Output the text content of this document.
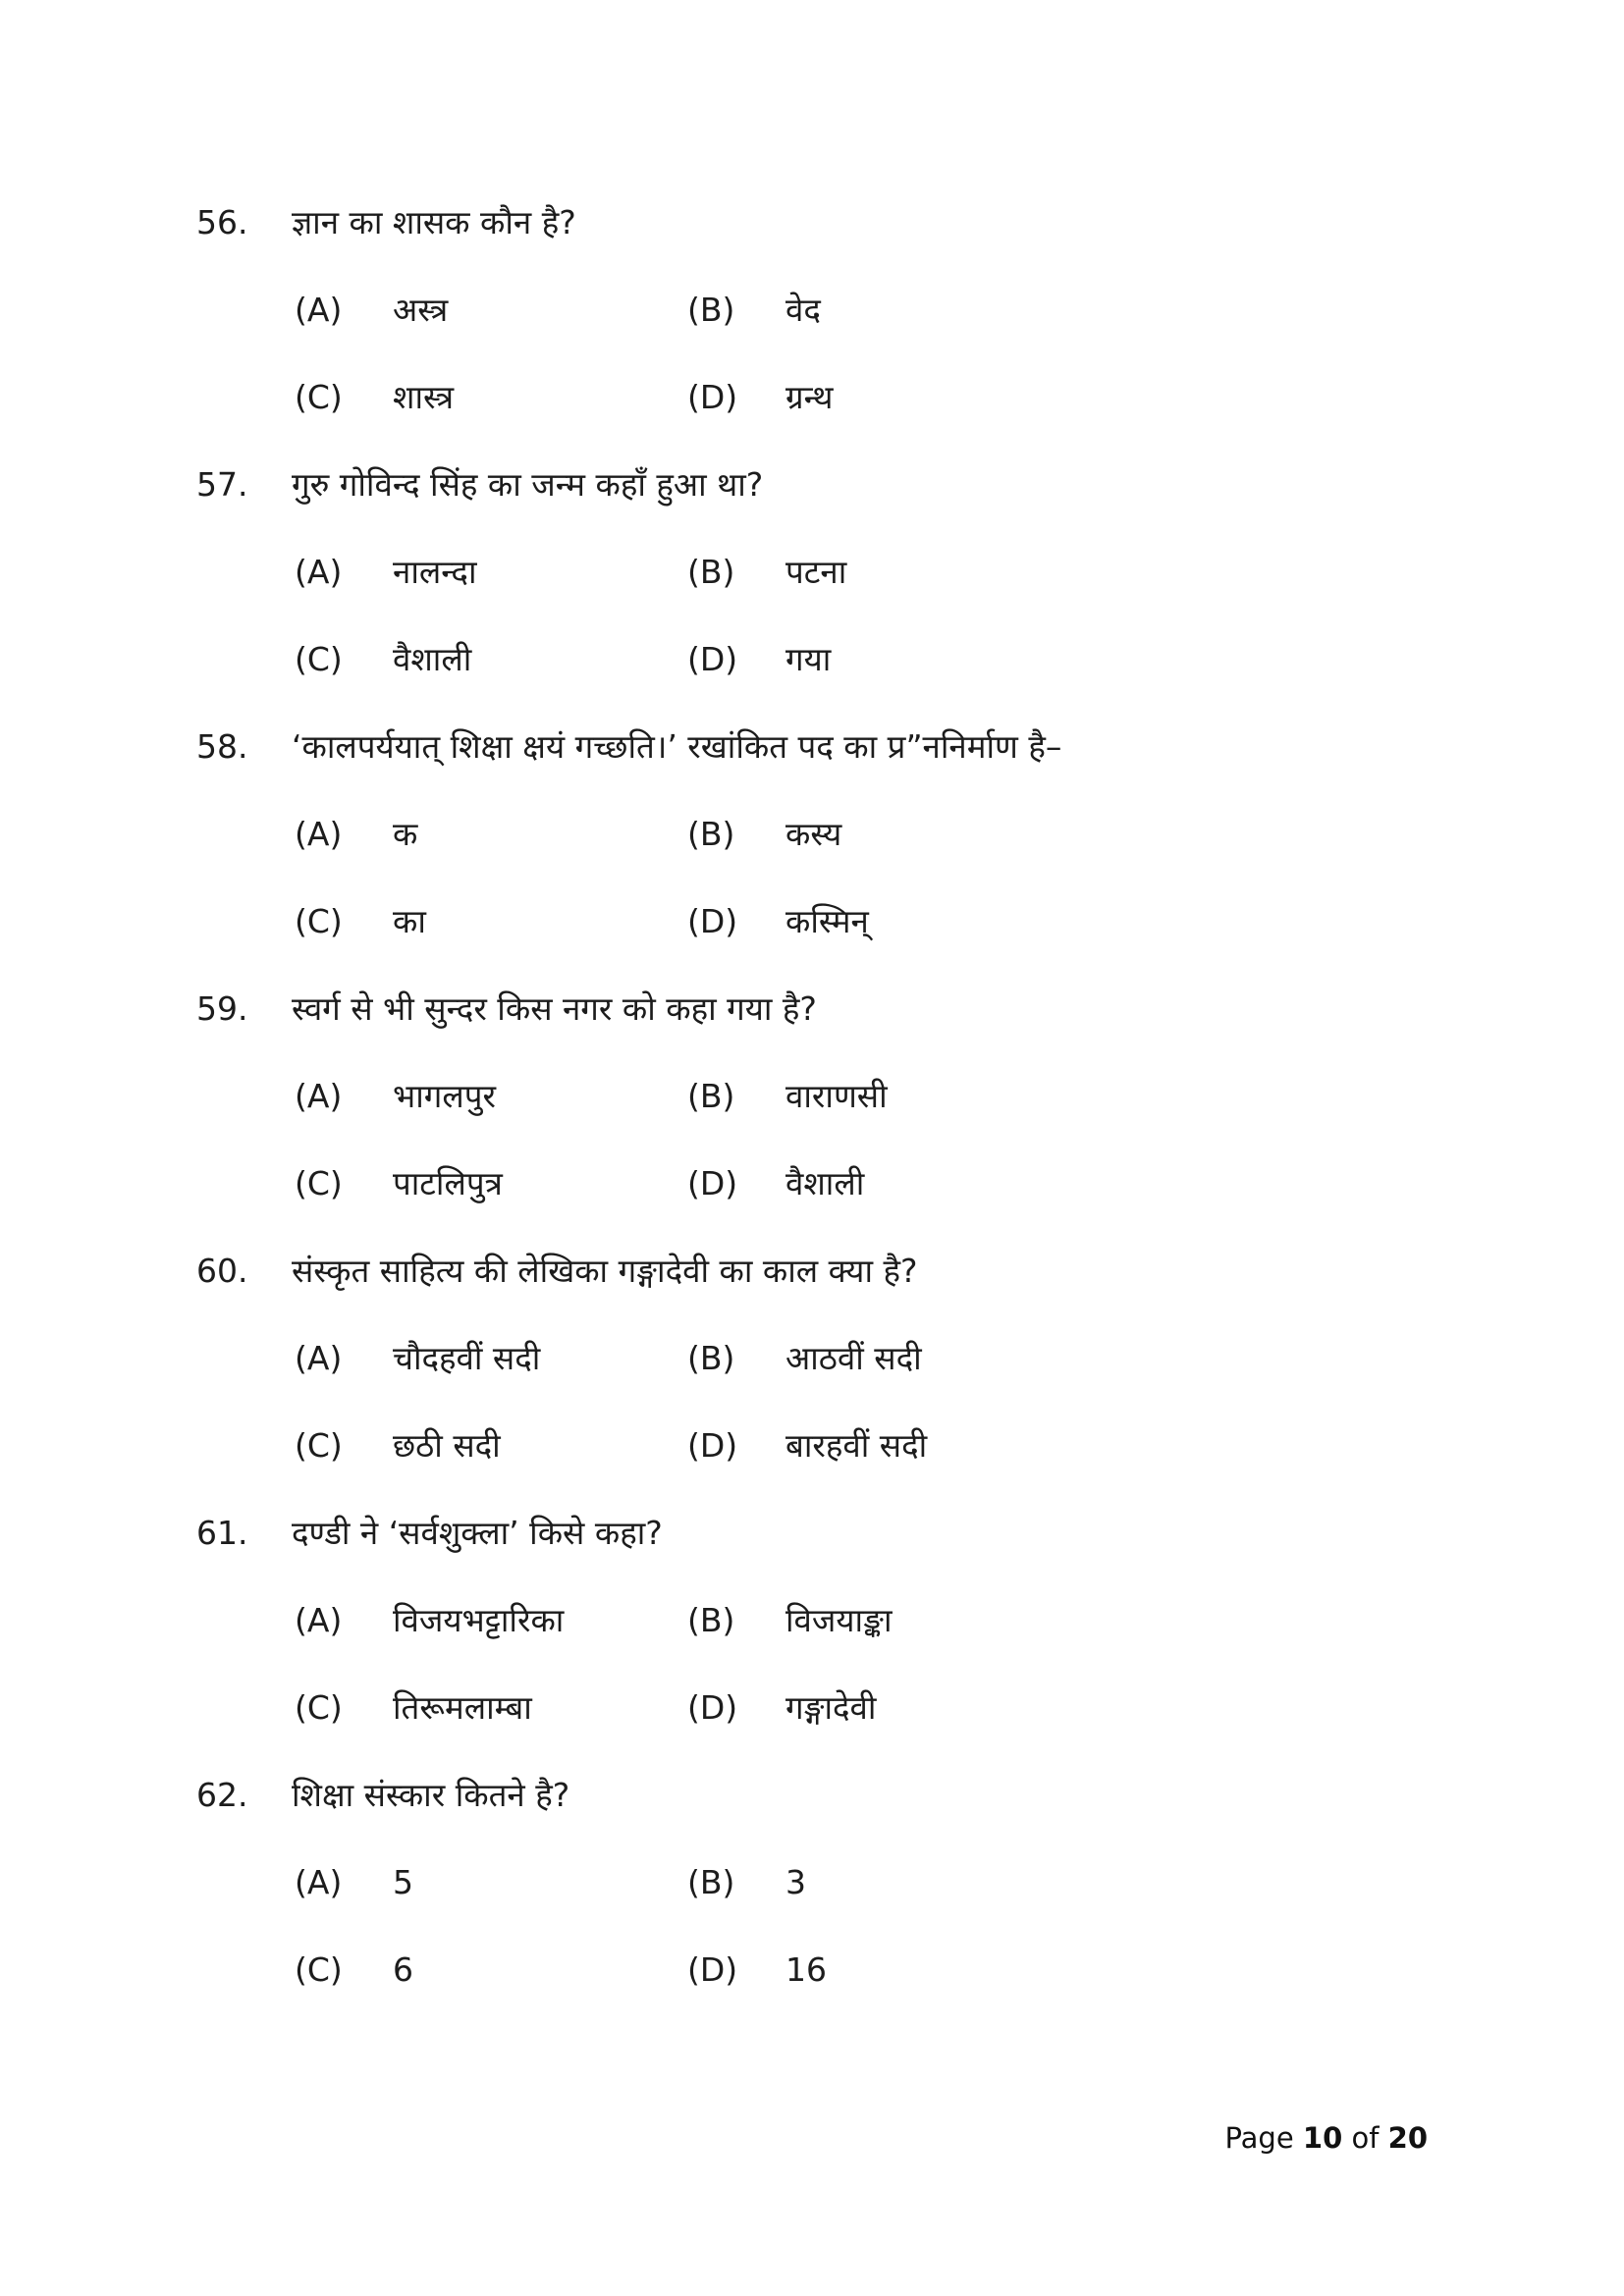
56.	ज्ञान का शासक कौन है?
(A)	अस्त्र	(B)	वेद
(C)	शास्त्र	(D)	ग्रन्थ
57.	गुरु गोविन्द सिंह का जन्म कहाँ हुआ था?
(A)	नालन्दा	(B)	पटना
(C)	वैशाली	(D)	गया
58.	‘कालपर्ययात् शिक्षा क्षयं गच्छति।’ रखांकित पद का प्र”ननिर्माण है–
(A)	क	(B)	कस्य
(C)	का	(D)	कस्मिन्
59.	स्वर्ग से भी सुन्दर किस नगर को कहा गया है?
(A)	भागलपुर	(B)	वाराणसी
(C)	पाटलिपुत्र	(D)	वैशाली
60.	संस्कृत साहित्य की लेखिका गङ्गादेवी का काल क्या है?
(A)	चौदहवीं सदी	(B)	आठवीं सदी
(C)	छठी सदी	(D)	बारहवीं सदी
61.	दण्डी ने ‘सर्वशुक्ला’ किसे कहा?
(A)	विजयभट्टारिका	(B)	विजयाङ्का
(C)	तिरूमलाम्बा	(D)	गङ्गादेवी
62.	शिक्षा संस्कार कितने है?
(A)	5	(B)	3
(C)	6	(D)	16
Page 10 of 20
